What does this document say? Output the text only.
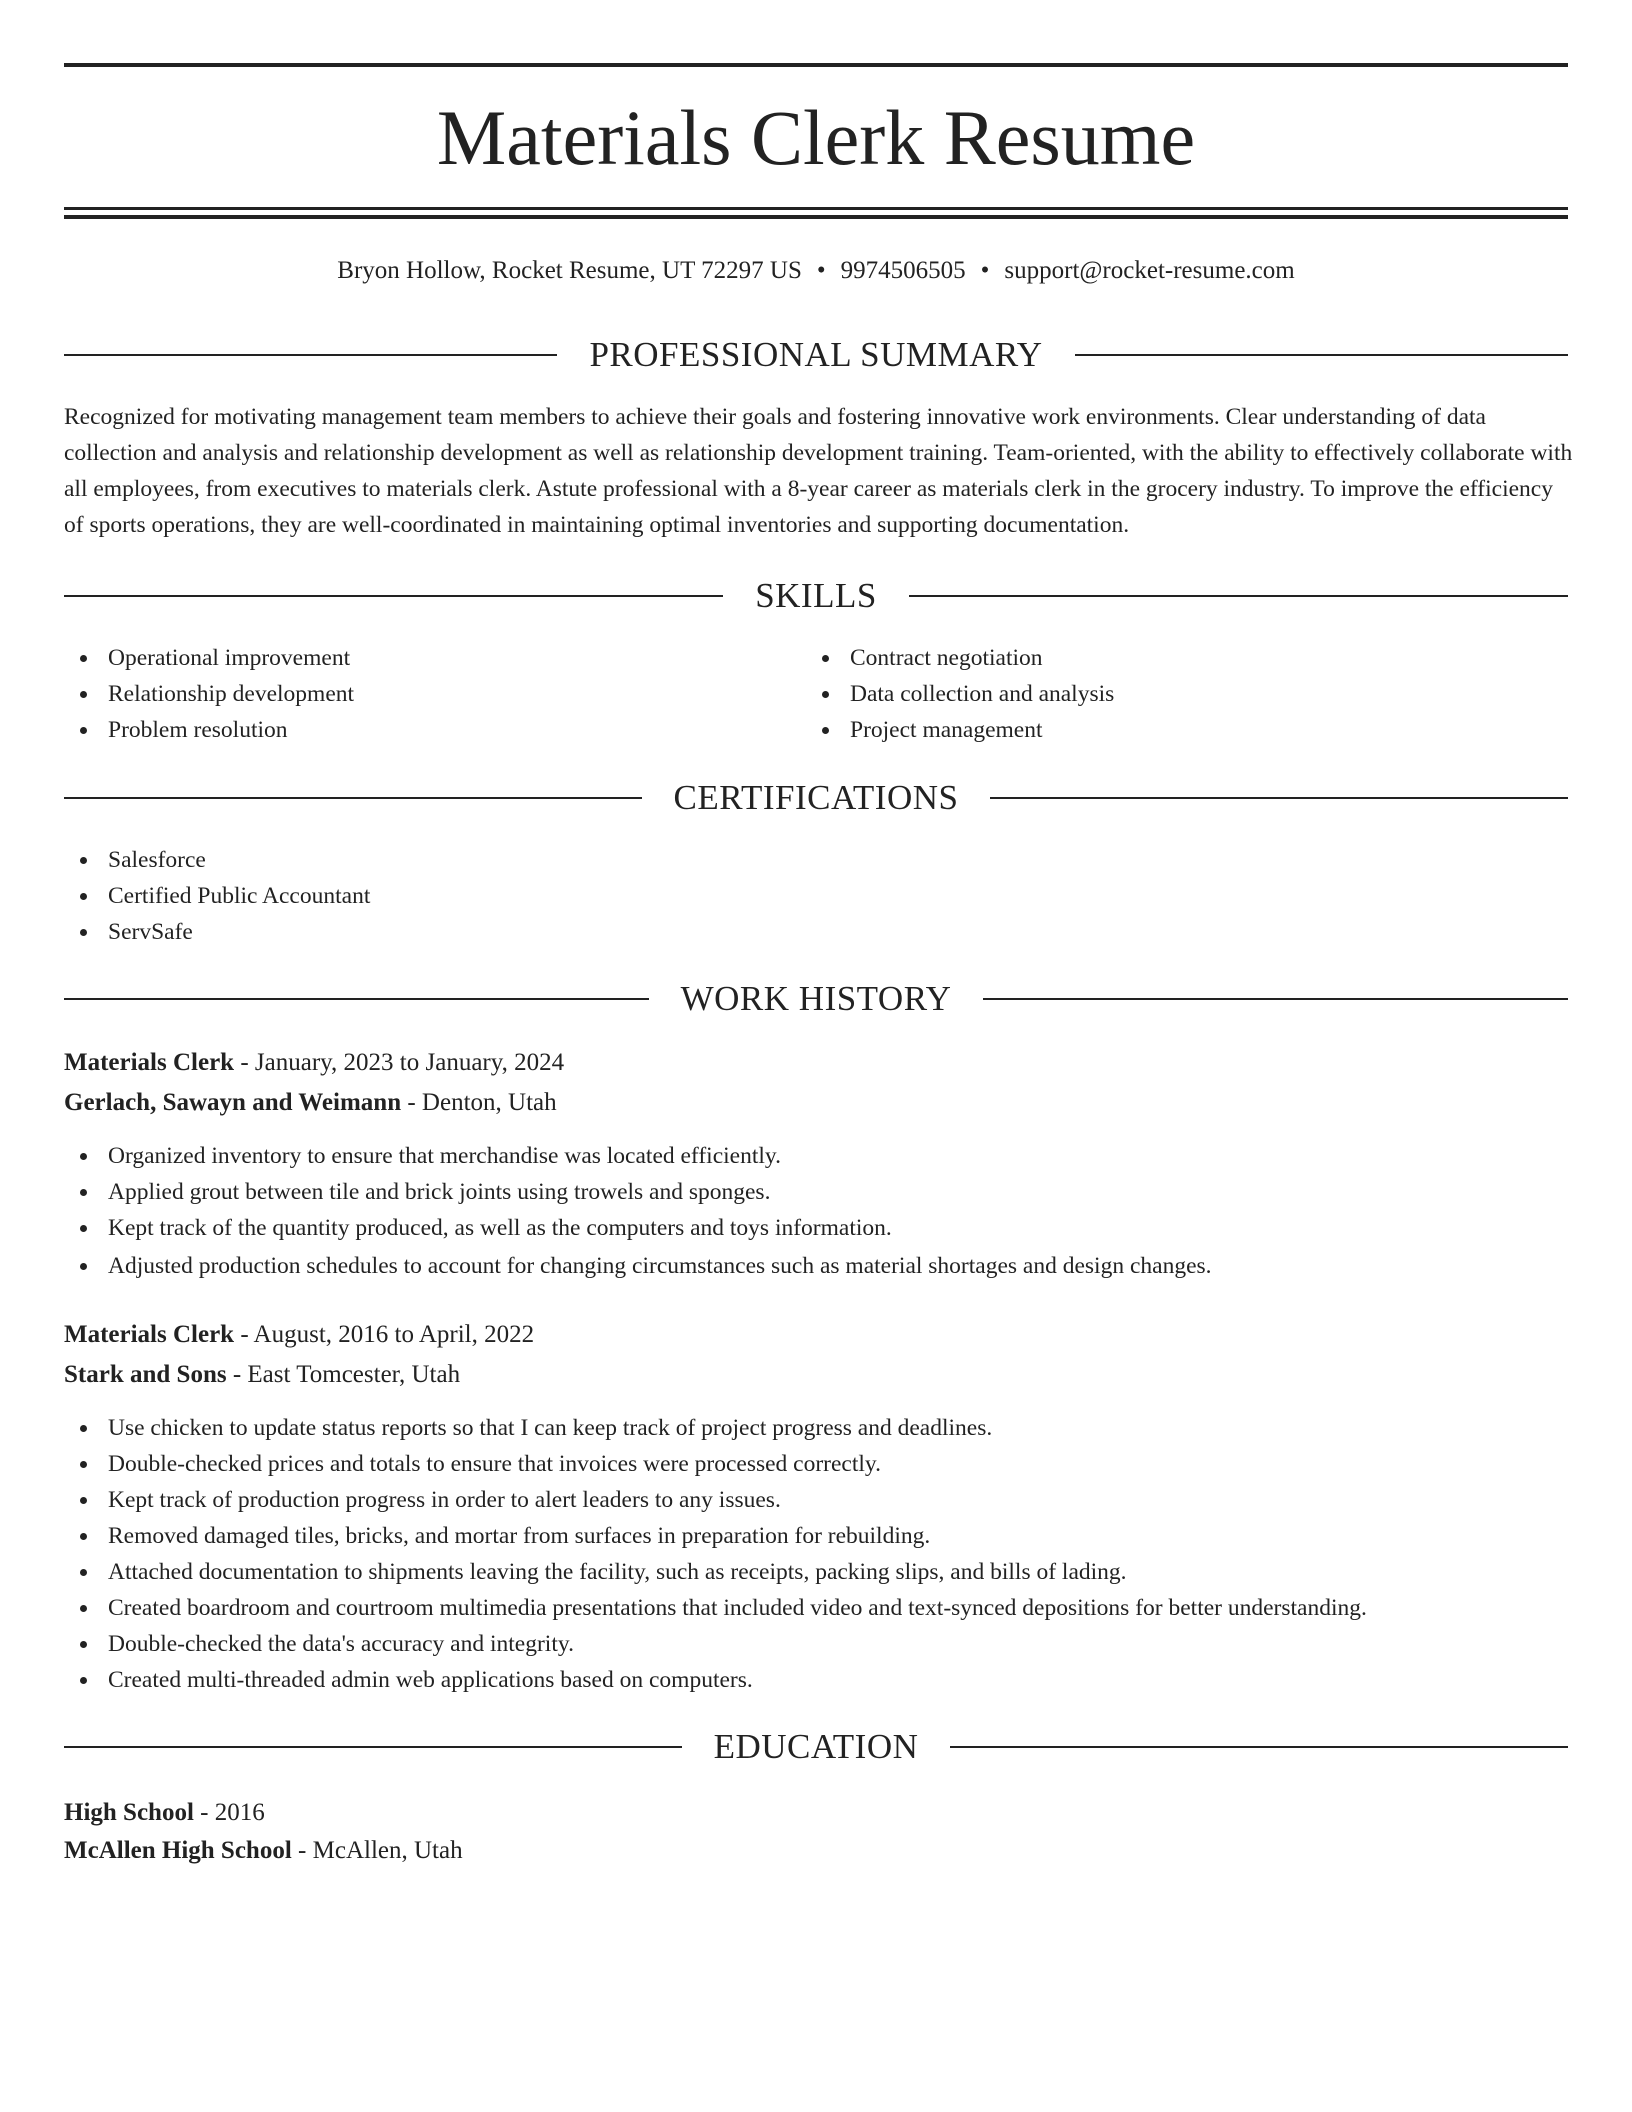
Materials Clerk Resume
Bryon Hollow, Rocket Resume, UT 72297 US • 9974506505 • support@rocket-resume.com
PROFESSIONAL SUMMARY
Recognized for motivating management team members to achieve their goals and fostering innovative work environments. Clear understanding of data collection and analysis and relationship development as well as relationship development training. Team-oriented, with the ability to effectively collaborate with all employees, from executives to materials clerk. Astute professional with a 8-year career as materials clerk in the grocery industry. To improve the efficiency of sports operations, they are well-coordinated in maintaining optimal inventories and supporting documentation.
SKILLS
Operational improvement
Relationship development
Problem resolution
Contract negotiation
Data collection and analysis
Project management
CERTIFICATIONS
Salesforce
Certified Public Accountant
ServSafe
WORK HISTORY
Materials Clerk - January, 2023 to January, 2024
Gerlach, Sawayn and Weimann - Denton, Utah
Organized inventory to ensure that merchandise was located efficiently.
Applied grout between tile and brick joints using trowels and sponges.
Kept track of the quantity produced, as well as the computers and toys information.
Adjusted production schedules to account for changing circumstances such as material shortages and design changes.
Materials Clerk - August, 2016 to April, 2022
Stark and Sons - East Tomcester, Utah
Use chicken to update status reports so that I can keep track of project progress and deadlines.
Double-checked prices and totals to ensure that invoices were processed correctly.
Kept track of production progress in order to alert leaders to any issues.
Removed damaged tiles, bricks, and mortar from surfaces in preparation for rebuilding.
Attached documentation to shipments leaving the facility, such as receipts, packing slips, and bills of lading.
Created boardroom and courtroom multimedia presentations that included video and text-synced depositions for better understanding.
Double-checked the data's accuracy and integrity.
Created multi-threaded admin web applications based on computers.
EDUCATION
High School - 2016
McAllen High School - McAllen, Utah
